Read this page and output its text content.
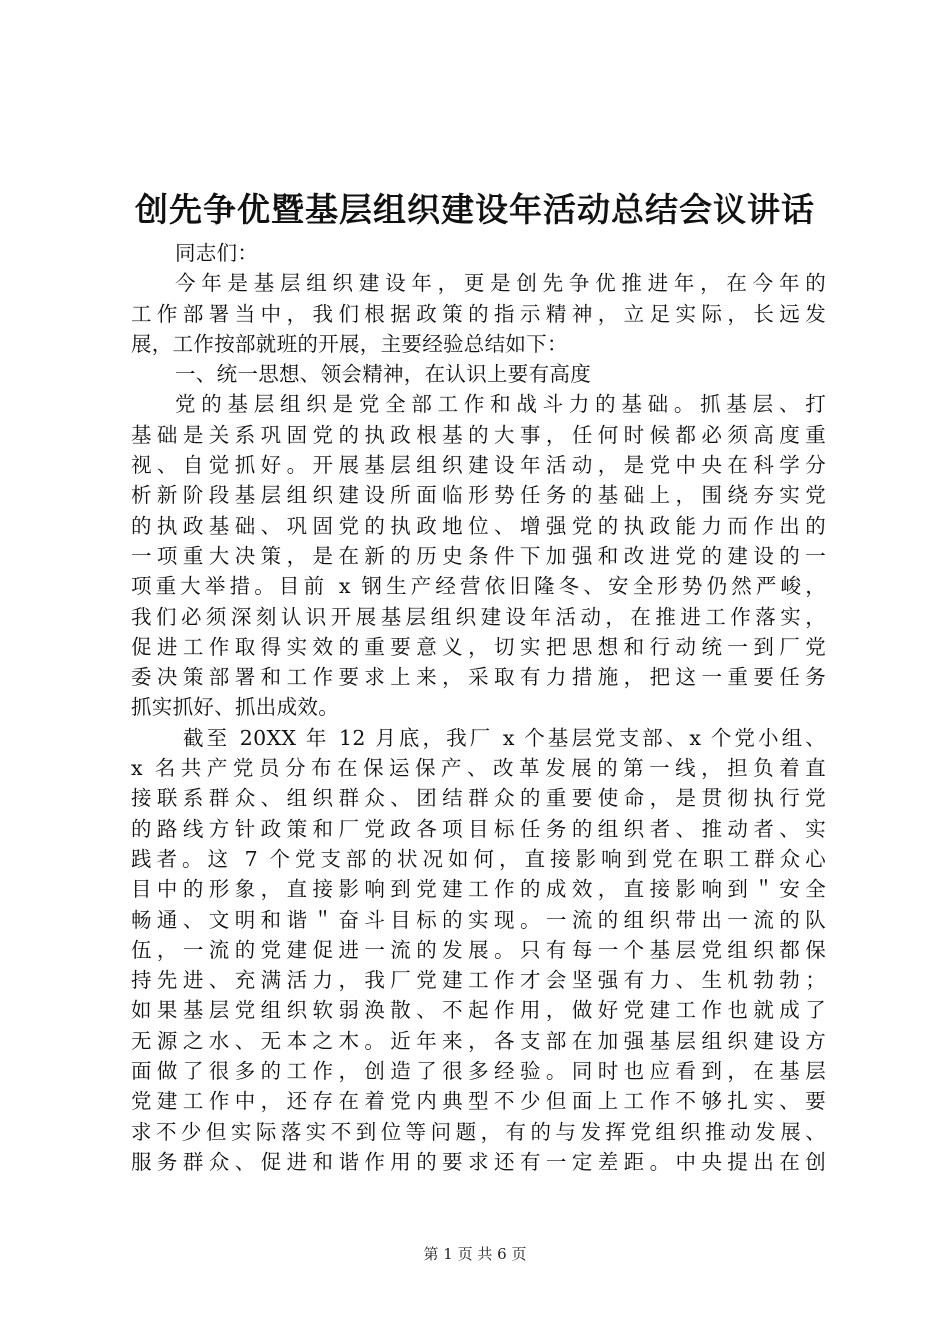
创先争优暨基层组织建设年活动总结会议讲话
同志们：
今年是基层组织建设年，更是创先争优推进年，在今年的
工作部署当中，我们根据政策的指示精神，立足实际，长远发
展，工作按部就班的开展，主要经验总结如下：
一、统一思想、领会精神，在认识上要有高度
党的基层组织是党全部工作和战斗力的基础。抓基层、打
基础是关系巩固党的执政根基的大事，任何时候都必须高度重
视、自觉抓好。开展基层组织建设年活动，是党中央在科学分
析新阶段基层组织建设所面临形势任务的基础上，围绕夯实党
的执政基础、巩固党的执政地位、增强党的执政能力而作出的
一项重大决策，是在新的历史条件下加强和改进党的建设的一
项重大举措。目前 x 钢生产经营依旧隆冬、安全形势仍然严峻，
我们必须深刻认识开展基层组织建设年活动，在推进工作落实，
促进工作取得实效的重要意义，切实把思想和行动统一到厂党
委决策部署和工作要求上来，采取有力措施，把这一重要任务
抓实抓好、抓出成效。
截至 20XX 年 12 月底，我厂 x 个基层党支部、x 个党小组、
x 名共产党员分布在保运保产、改革发展的第一线，担负着直
接联系群众、组织群众、团结群众的重要使命，是贯彻执行党
的路线方针政策和厂党政各项目标任务的组织者、推动者、实
践者。这 7 个党支部的状况如何，直接影响到党在职工群众心
目中的形象，直接影响到党建工作的成效，直接影响到＂安全
畅通、文明和谐＂奋斗目标的实现。一流的组织带出一流的队
伍，一流的党建促进一流的发展。只有每一个基层党组织都保
持先进、充满活力，我厂党建工作才会坚强有力、生机勃勃；
如果基层党组织软弱涣散、不起作用，做好党建工作也就成了
无源之水、无本之木。近年来，各支部在加强基层组织建设方
面做了很多的工作，创造了很多经验。同时也应看到，在基层
党建工作中，还存在着党内典型不少但面上工作不够扎实、要
求不少但实际落实不到位等问题，有的与发挥党组织推动发展、
服务群众、促进和谐作用的要求还有一定差距。中央提出在创
第 1 页 共 6 页
